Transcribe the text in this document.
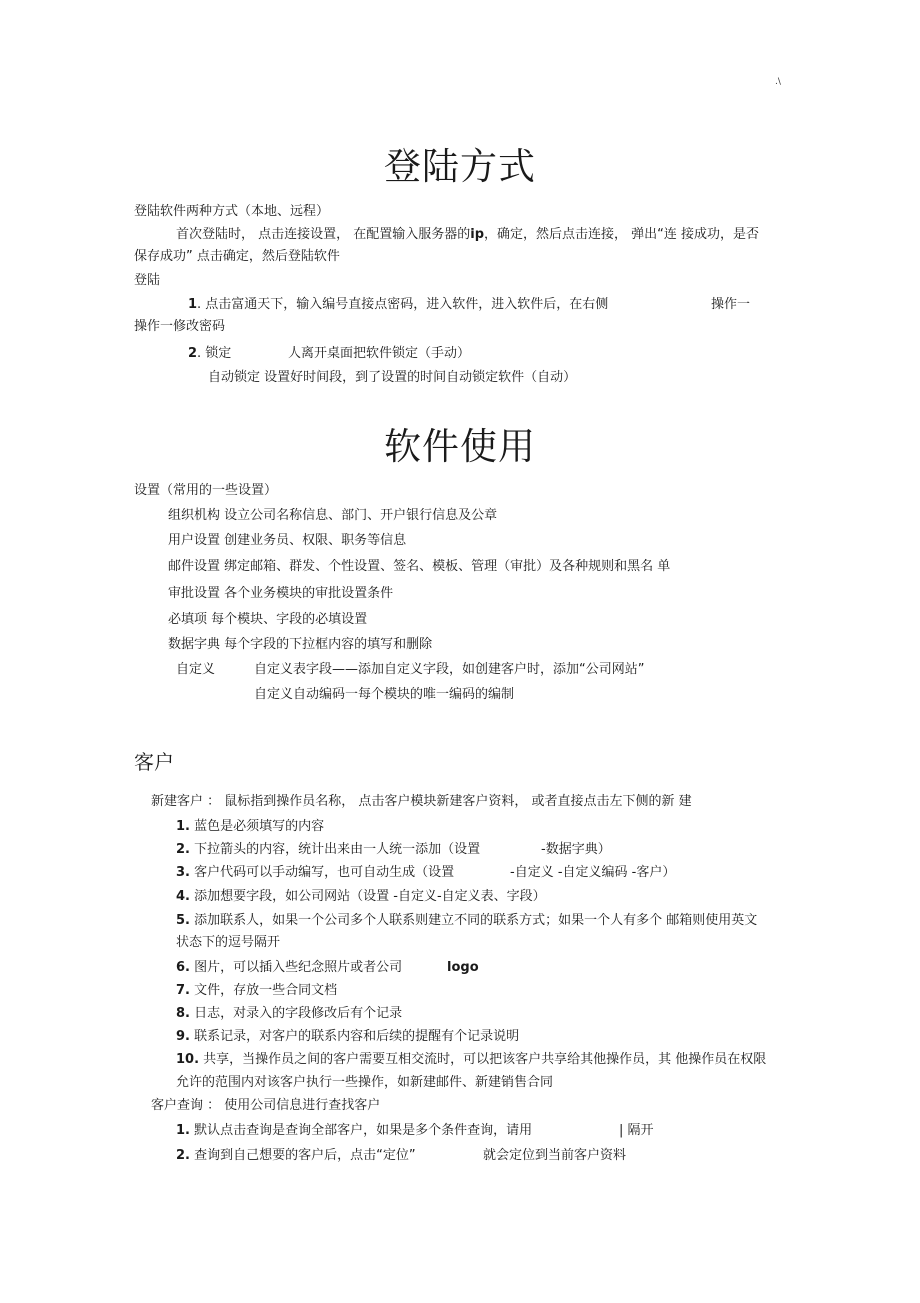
.\
登陆方式
登陆软件两种方式（本地、远程）
首次登陆时， 点击连接设置， 在配置输入服务器的ip，确定，然后点击连接， 弹出“连 接成功，是否
保存成功” 点击确定，然后登陆软件
登陆
1. 点击富通天下，输入编号直接点密码，进入软件，进入软件后，在右侧	操作一
操作一修改密码
2. 锁定	人离开桌面把软件锁定（手动）
自动锁定 设置好时间段，到了设置的时间自动锁定软件（自动）
软件使用
设置（常用的一些设置）
组织机构 设立公司名称信息、部门、开户银行信息及公章
用户设置 创建业务员、权限、职务等信息
邮件设置 绑定邮箱、群发、个性设置、签名、模板、管理（审批）及各种规则和黑名 单
审批设置 各个业务模块的审批设置条件
必填项 每个模块、字段的必填设置
数据字典 每个字段的下拉框内容的填写和删除
自定义	自定义表字段——添加自定义字段，如创建客户时，添加“公司网站”
自定义自动编码一每个模块的唯一编码的编制
客户
新建客户 ： 鼠标指到操作员名称， 点击客户模块新建客户资料， 或者直接点击左下侧的新 建
1. 蓝色是必须填写的内容
2. 下拉箭头的内容，统计出来由一人统一添加（设置	-数据字典）
3. 客户代码可以手动编写，也可自动生成（设置	-自定义 -自定义编码 -客户）
4. 添加想要字段，如公司网站（设置 -自定义-自定义表、字段）
5. 添加联系人，如果一个公司多个人联系则建立不同的联系方式；如果一个人有多个 邮箱则使用英文
状态下的逗号隔开
6. 图片，可以插入些纪念照片或者公司	logo
7. 文件，存放一些合同文档
8. 日志，对录入的字段修改后有个记录
9. 联系记录，对客户的联系内容和后续的提醒有个记录说明
10. 共享，当操作员之间的客户需要互相交流时，可以把该客户共享给其他操作员，其 他操作员在权限
允许的范围内对该客户执行一些操作，如新建邮件、新建销售合同
客户查询 ： 使用公司信息进行查找客户
1. 默认点击查询是查询全部客户，如果是多个条件查询，请用	| 隔开
2. 查询到自己想要的客户后，点击“定位”	就会定位到当前客户资料
